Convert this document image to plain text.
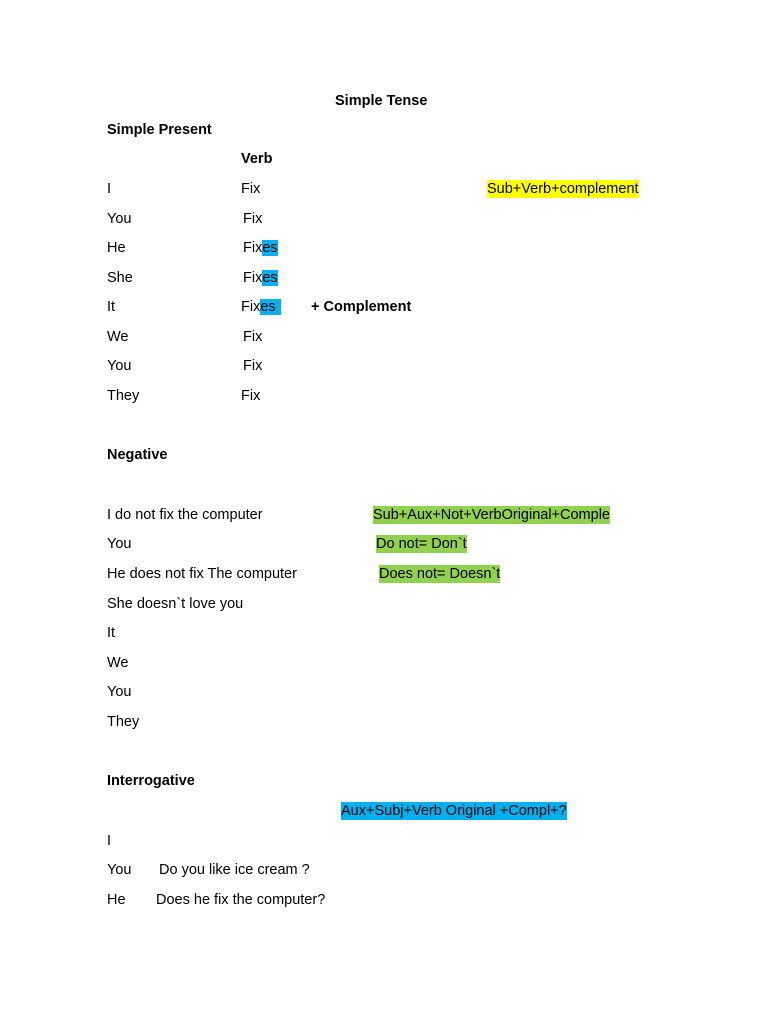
Simple Tense
Simple Present
Verb
I	Fix	Sub+Verb+complement
You	Fix
He	Fixes
She	Fixes
It	Fixes	+ Complement
We	Fix
You	Fix
They	Fix
Negative
I do not fix the computer	Sub+Aux+Not+VerbOriginal+Comple
You	Do not= Don`t
He does not fix The computer	Does not= Doesn`t
She doesn`t love you
It
We
You
They
Interrogative
Aux+Subj+Verb Original +Compl+?
I
You Do you like ice cream ?
He Does he fix the computer?
